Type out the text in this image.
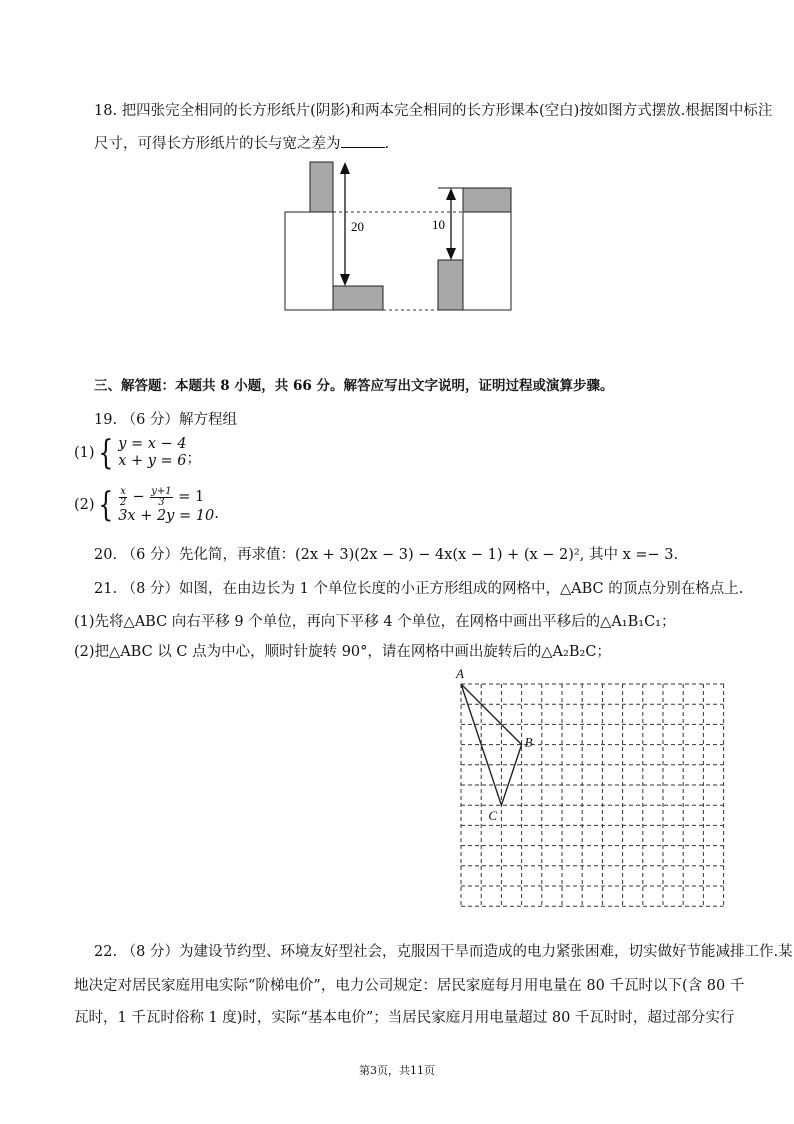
18. 把四张完全相同的长方形纸片(阴影)和两本完全相同的长方形课本(空白)按如图方式摆放.根据图中标注
尺寸，可得长方形纸片的长与宽之差为	.
20	10
三、解答题：本题共 8 小题，共 66 分。解答应写出文字说明，证明过程或演算步骤。
19. （6 分）解方程组
(1) { y = x − 4
x + y = 6 ；
(2) { $\frac{x}{2} - \frac{y+1}{3} = 1$
3x + 2y = 10 .
20. （6 分）先化简，再求值：(2x + 3)(2x − 3) − 4x(x − 1) + (x − 2)², 其中 x =− 3.
21. （8 分）如图，在由边长为 1 个单位长度的小正方形组成的网格中，△ABC 的顶点分别在格点上.
(1)先将△ABC 向右平移 9 个单位，再向下平移 4 个单位，在网格中画出平移后的△A₁B₁C₁；
(2)把△ABC 以 C 点为中心，顺时针旋转 90°，请在网格中画出旋转后的△A₂B₂C；
A
B
C
22. （8 分）为建设节约型、环境友好型社会，克服因干旱而造成的电力紧张困难，切实做好节能减排工作.某
地决定对居民家庭用电实际“阶梯电价”，电力公司规定：居民家庭每月用电量在 80 千瓦时以下(含 80 千
瓦时，1 千瓦时俗称 1 度)时，实际“基本电价”；当居民家庭月用电量超过 80 千瓦时时，超过部分实行
第3页，共11页
